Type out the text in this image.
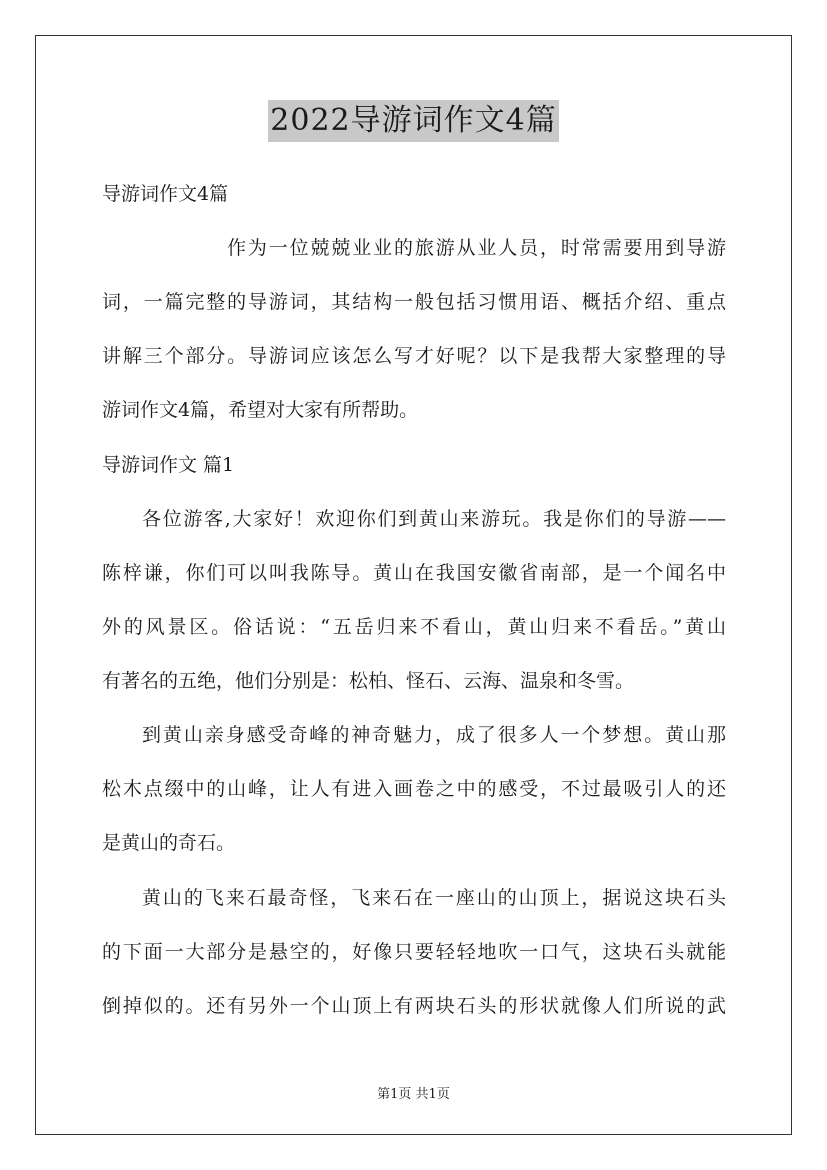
2022导游词作文4篇
导游词作文4篇
作为一位兢兢业业的旅游从业人员，时常需要用到导游
词，一篇完整的导游词，其结构一般包括习惯用语、概括介绍、重点
讲解三个部分。导游词应该怎么写才好呢？以下是我帮大家整理的导
游词作文4篇，希望对大家有所帮助。
导游词作文 篇1
各位游客,大家好！欢迎你们到黄山来游玩。我是你们的导游——
陈梓谦，你们可以叫我陈导。黄山在我国安徽省南部，是一个闻名中
外的风景区。俗话说：“五岳归来不看山，黄山归来不看岳。”黄山
有著名的五绝，他们分别是：松柏、怪石、云海、温泉和冬雪。
到黄山亲身感受奇峰的神奇魅力，成了很多人一个梦想。黄山那
松木点缀中的山峰，让人有进入画卷之中的感受，不过最吸引人的还
是黄山的奇石。
黄山的飞来石最奇怪，飞来石在一座山的山顶上，据说这块石头
的下面一大部分是悬空的，好像只要轻轻地吹一口气，这块石头就能
倒掉似的。还有另外一个山顶上有两块石头的形状就像人们所说的武
第1页 共1页
